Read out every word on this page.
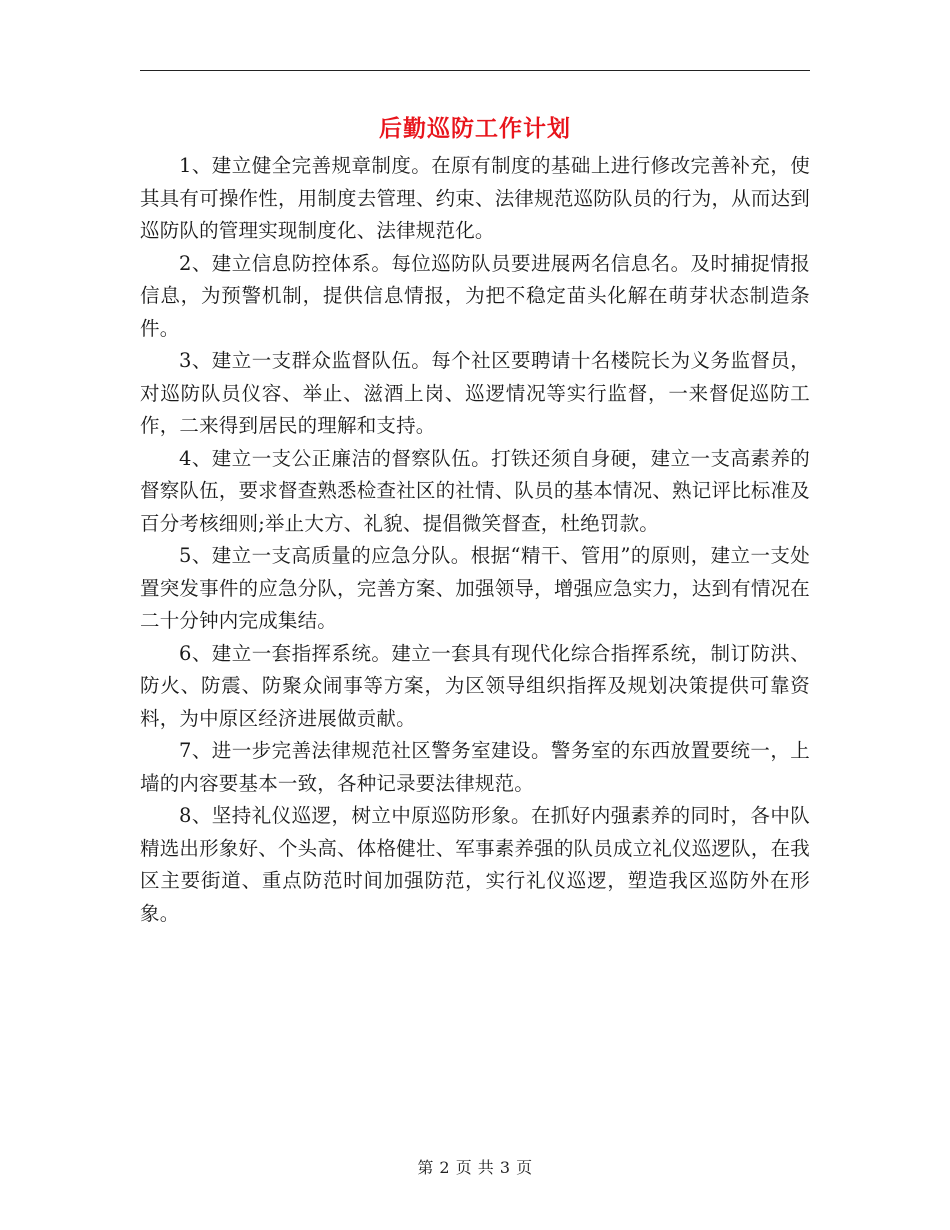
后勤巡防工作计划

1、建立健全完善规章制度。在原有制度的基础上进行修改完善补充，使其具有可操作性，用制度去管理、约束、法律规范巡防队员的行为，从而达到巡防队的管理实现制度化、法律规范化。

2、建立信息防控体系。每位巡防队员要进展两名信息名。及时捕捉情报信息，为预警机制，提供信息情报，为把不稳定苗头化解在萌芽状态制造条件。

3、建立一支群众监督队伍。每个社区要聘请十名楼院长为义务监督员，对巡防队员仪容、举止、滋酒上岗、巡逻情况等实行监督，一来督促巡防工作，二来得到居民的理解和支持。

4、建立一支公正廉洁的督察队伍。打铁还须自身硬，建立一支高素养的督察队伍，要求督查熟悉检查社区的社情、队员的基本情况、熟记评比标准及百分考核细则;举止大方、礼貌、提倡微笑督查，杜绝罚款。

5、建立一支高质量的应急分队。根据“精干、管用”的原则，建立一支处置突发事件的应急分队，完善方案、加强领导，增强应急实力，达到有情况在二十分钟内完成集结。

6、建立一套指挥系统。建立一套具有现代化综合指挥系统，制订防洪、防火、防震、防聚众闹事等方案，为区领导组织指挥及规划决策提供可靠资料，为中原区经济进展做贡献。

7、进一步完善法律规范社区警务室建设。警务室的东西放置要统一，上墙的内容要基本一致，各种记录要法律规范。

8、坚持礼仪巡逻，树立中原巡防形象。在抓好内强素养的同时，各中队精选出形象好、个头高、体格健壮、军事素养强的队员成立礼仪巡逻队，在我区主要街道、重点防范时间加强防范，实行礼仪巡逻，塑造我区巡防外在形象。

第 2 页 共 3 页
